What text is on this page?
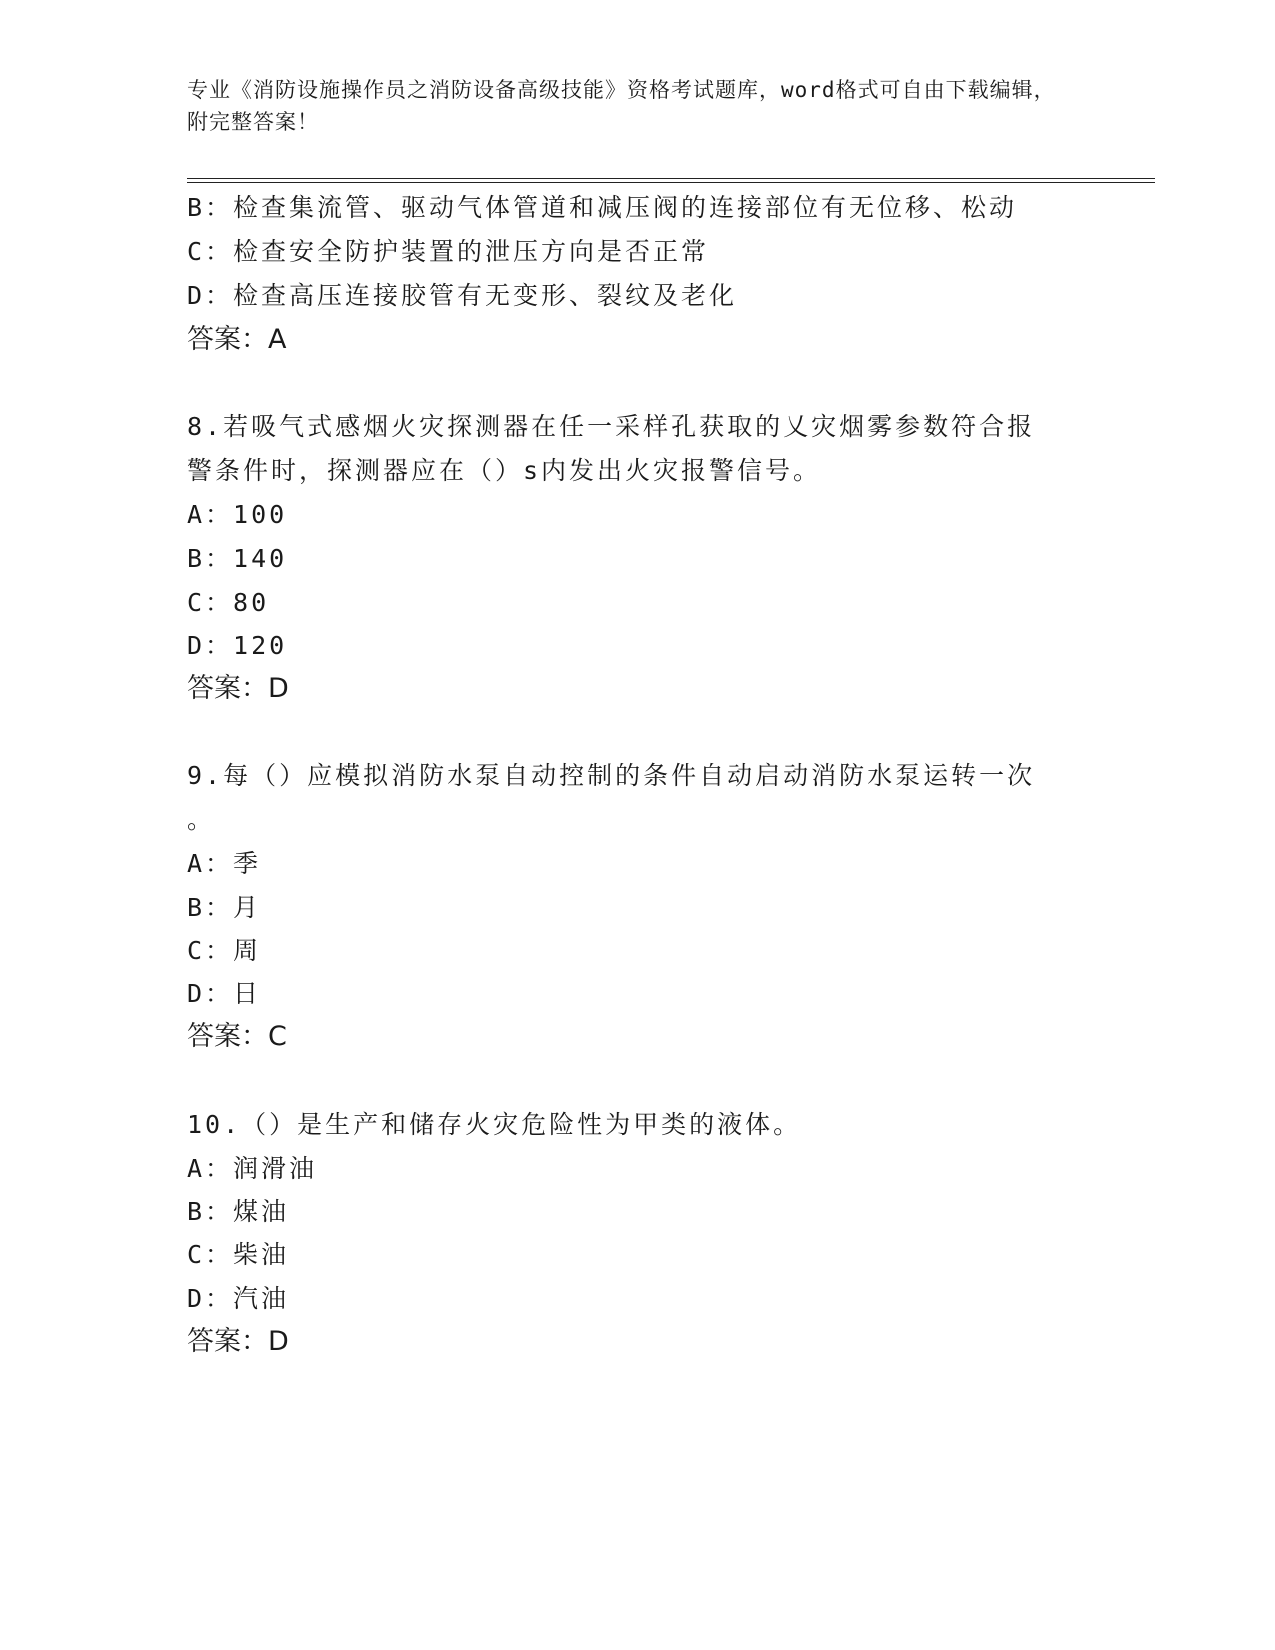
专业《消防设施操作员之消防设备高级技能》资格考试题库，word格式可自由下载编辑，附完整答案！
B：检查集流管、驱动气体管道和减压阀的连接部位有无位移、松动
C：检查安全防护装置的泄压方向是否正常
D：检查高压连接胶管有无变形、裂纹及老化
答案：A
8.若吸气式感烟火灾探测器在任一采样孔获取的乂灾烟雾参数符合报
警条件时，探测器应在（）s内发出火灾报警信号。
A：100
B：140
C：80
D：120
答案：D
9.每（）应模拟消防水泵自动控制的条件自动启动消防水泵运转一次
。
A：季
B：月
C：周
D：日
答案：C
10.（）是生产和储存火灾危险性为甲类的液体。
A：润滑油
B：煤油
C：柴油
D：汽油
答案：D
